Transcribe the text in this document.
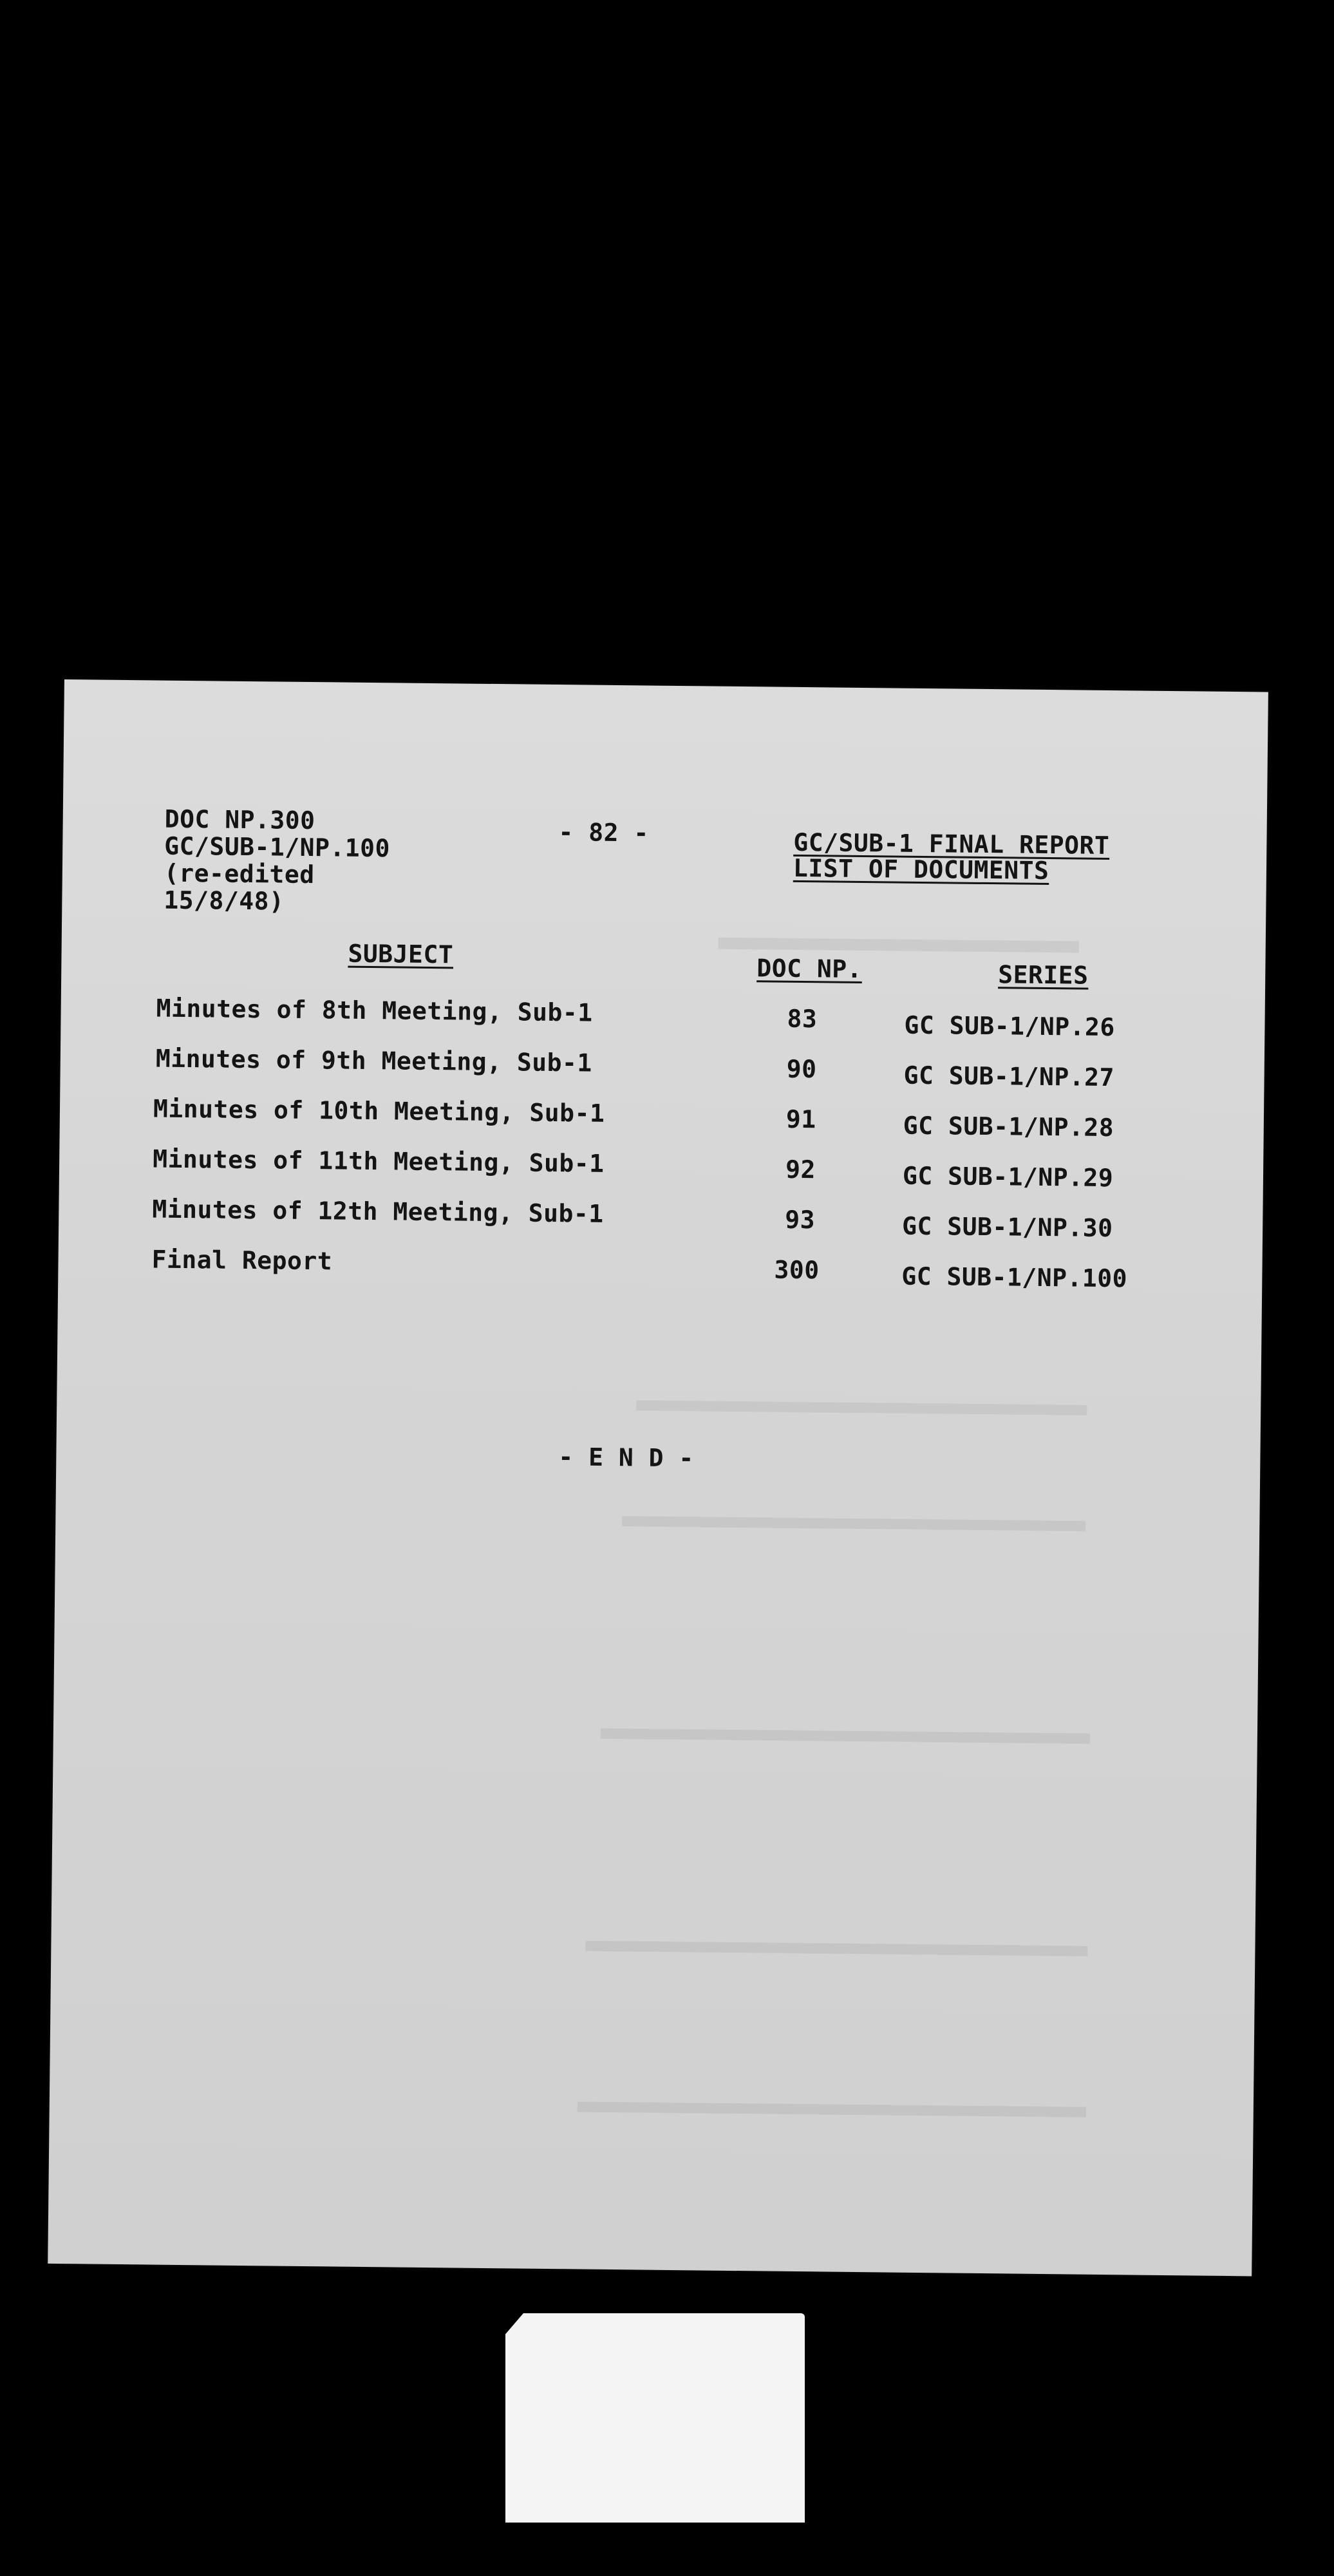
DOC NP.300
GC/SUB-1/NP.100
(re-edited
15/8/48)
- 82 -	GC/SUB-1 FINAL REPORT
LIST OF DOCUMENTS
SUBJECT	DOC NP.	SERIES
Minutes of 8th Meeting, Sub-1	83	GC SUB-1/NP.26
Minutes of 9th Meeting, Sub-1	90	GC SUB-1/NP.27
Minutes of 10th Meeting, Sub-1	91	GC SUB-1/NP.28
Minutes of 11th Meeting, Sub-1	92	GC SUB-1/NP.29
Minutes of 12th Meeting, Sub-1	93	GC SUB-1/NP.30
Final Report	300	GC SUB-1/NP.100
- E N D -
